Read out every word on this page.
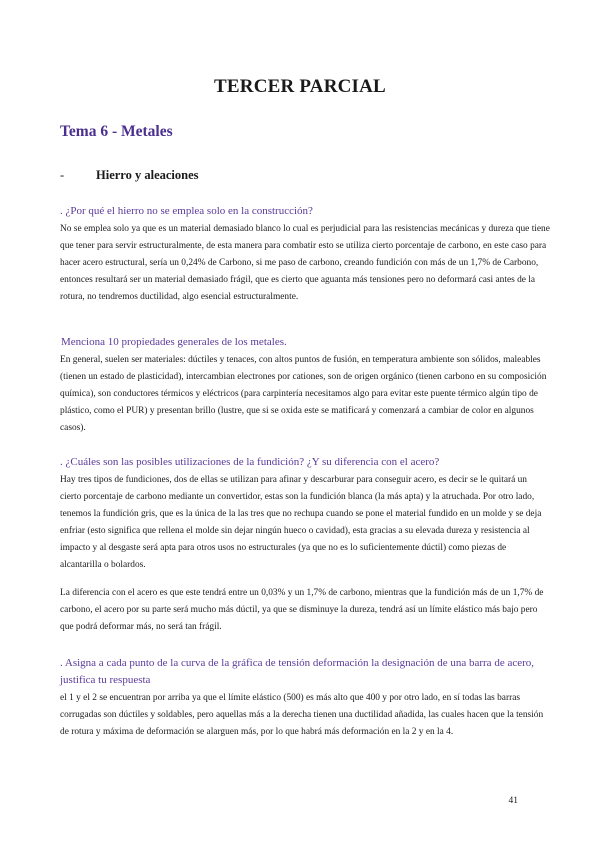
TERCER PARCIAL
Tema 6 - Metales
-	Hierro y aleaciones

. ¿Por qué el hierro no se emplea solo en la construcción?

No se emplea solo ya que es un material demasiado blanco lo cual es perjudicial para las resistencias mecánicas y dureza que tiene que tener para servir estructuralmente, de esta manera para combatir esto se utiliza cierto porcentaje de carbono, en este caso para hacer acero estructural, sería un 0,24% de Carbono, si me paso de carbono, creando fundición con más de un 1,7% de Carbono, entonces resultará ser un material demasiado frágil, que es cierto que aguanta más tensiones pero no deformará casi antes de la rotura, no tendremos ductilidad, algo esencial estructuralmente.

Menciona 10 propiedades generales de los metales.

En general, suelen ser materiales: dúctiles y tenaces, con altos puntos de fusión, en temperatura ambiente son sólidos, maleables (tienen un estado de plasticidad), intercambian electrones por cationes, son de origen orgánico (tienen carbono en su composición química), son conductores térmicos y eléctricos (para carpintería necesitamos algo para evitar este puente térmico algún tipo de plástico, como el PUR) y presentan brillo (lustre, que si se oxida este se matificará y comenzará a cambiar de color en algunos casos).

. ¿Cuáles son las posibles utilizaciones de la fundición? ¿Y su diferencia con el acero?

Hay tres tipos de fundiciones, dos de ellas se utilizan para afinar y descarburar para conseguir acero, es decir se le quitará un cierto porcentaje de carbono mediante un convertidor, estas son la fundición blanca (la más apta) y la atruchada. Por otro lado, tenemos la fundición gris, que es la única de la las tres que no rechupa cuando se pone el material fundido en un molde y se deja enfriar (esto significa que rellena el molde sin dejar ningún hueco o cavidad), esta gracias a su elevada dureza y resistencia al impacto y al desgaste será apta para otros usos no estructurales (ya que no es lo suficientemente dúctil) como piezas de alcantarilla o bolardos.

La diferencia con el acero es que este tendrá entre un 0,03% y un 1,7% de carbono, mientras que la fundición más de un 1,7% de carbono, el acero por su parte será mucho más dúctil, ya que se disminuye la dureza, tendrá así un límite elástico más bajo pero que podrá deformar más, no será tan frágil.

. Asigna a cada punto de la curva de la gráfica de tensión deformación la designación de una barra de acero, justifica tu respuesta

el 1 y el 2 se encuentran por arriba ya que el límite elástico (500) es más alto que 400 y por otro lado, en sí todas las barras corrugadas son dúctiles y soldables, pero aquellas más a la derecha tienen una ductilidad añadida, las cuales hacen que la tensión de rotura y máxima de deformación se alarguen más, por lo que habrá más deformación en la 2 y en la 4.

41
